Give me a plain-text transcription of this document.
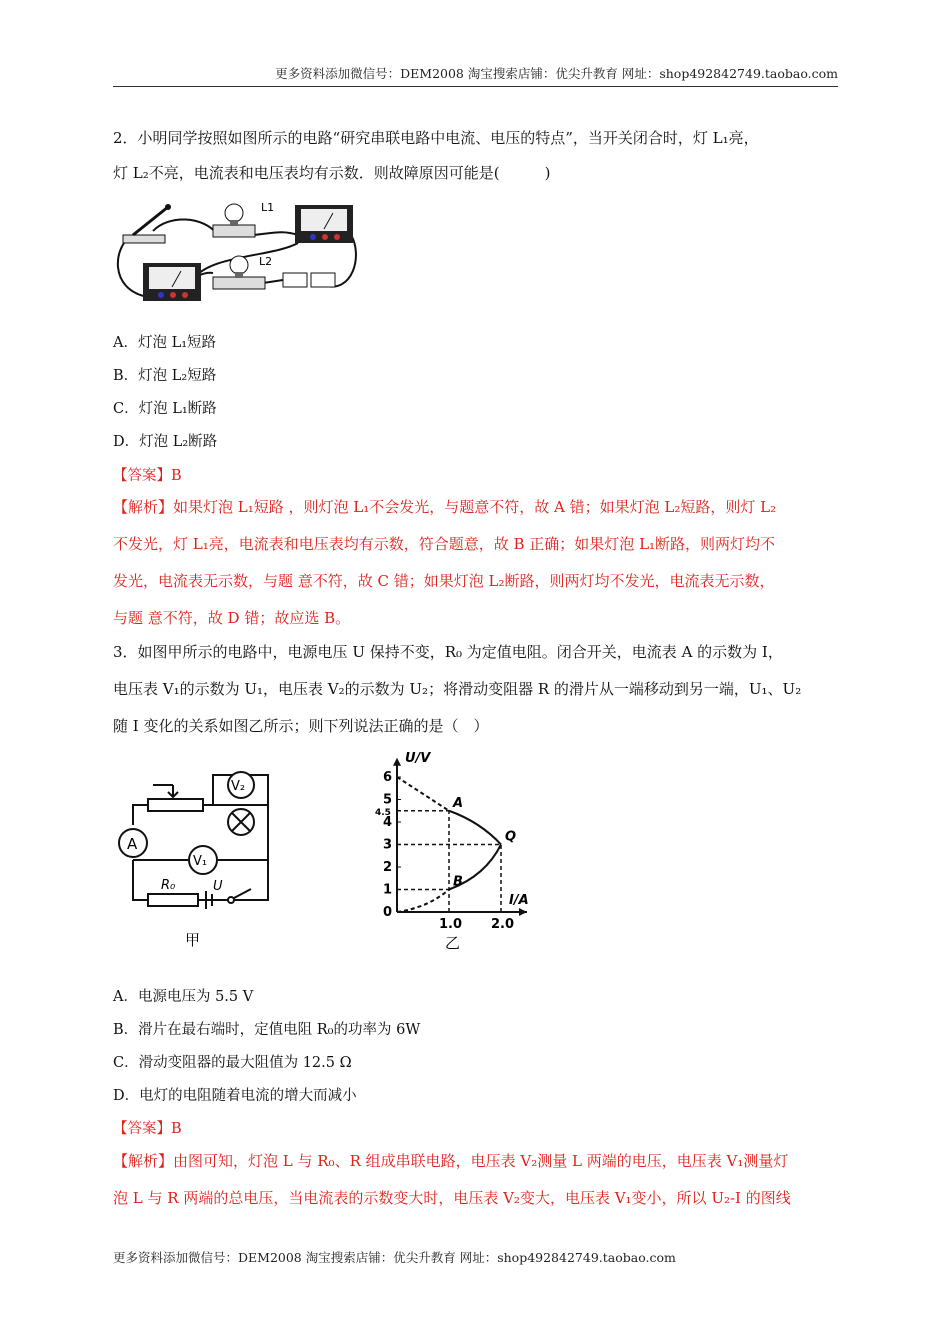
更多资料添加微信号：DEM2008 淘宝搜索店铺：优尖升教育 网址：shop492842749.taobao.com
2．小明同学按照如图所示的电路“研究串联电路中电流、电压的特点”，当开关闭合时，灯 L₁亮，
灯 L₂不亮，电流表和电压表均有示数．则故障原因可能是(　　　)
L1
L2
A．灯泡 L₁短路
B．灯泡 L₂短路
C．灯泡 L₁断路
D．灯泡 L₂断路
【答案】B
【解析】如果灯泡 L₁短路 ，则灯泡 L₁不会发光，与题意不符，故 A 错；如果灯泡 L₂短路，则灯 L₂
不发光，灯 L₁亮，电流表和电压表均有示数，符合题意，故 B 正确；如果灯泡 L₁断路，则两灯均不
发光，电流表无示数，与题 意不符，故 C 错；如果灯泡 L₂断路，则两灯均不发光，电流表无示数，
与题 意不符，故 D 错；故应选 B。
3．如图甲所示的电路中，电源电压 U 保持不变，R₀ 为定值电阻。闭合开关，电流表 A 的示数为 I，
电压表 V₁的示数为 U₁，电压表 V₂的示数为 U₂；将滑动变阻器 R 的滑片从一端移动到另一端，U₁、U₂
随 I 变化的关系如图乙所示；则下列说法正确的是（　）
A
V₂
V₁
R₀	U
甲
U/V
I/A
0
1
2
3
4
4.5
5
6
1.0 2.0
A
B
Q
乙
A．电源电压为 5.5 V
B．滑片在最右端时，定值电阻 R₀的功率为 6W
C．滑动变阻器的最大阻值为 12.5 Ω
D．电灯的电阻随着电流的增大而减小
【答案】B
【解析】由图可知，灯泡 L 与 R₀、R 组成串联电路，电压表 V₂测量 L 两端的电压，电压表 V₁测量灯
泡 L 与 R 两端的总电压，当电流表的示数变大时，电压表 V₂变大，电压表 V₁变小，所以 U₂-I 的图线
更多资料添加微信号：DEM2008 淘宝搜索店铺：优尖升教育 网址：shop492842749.taobao.com
